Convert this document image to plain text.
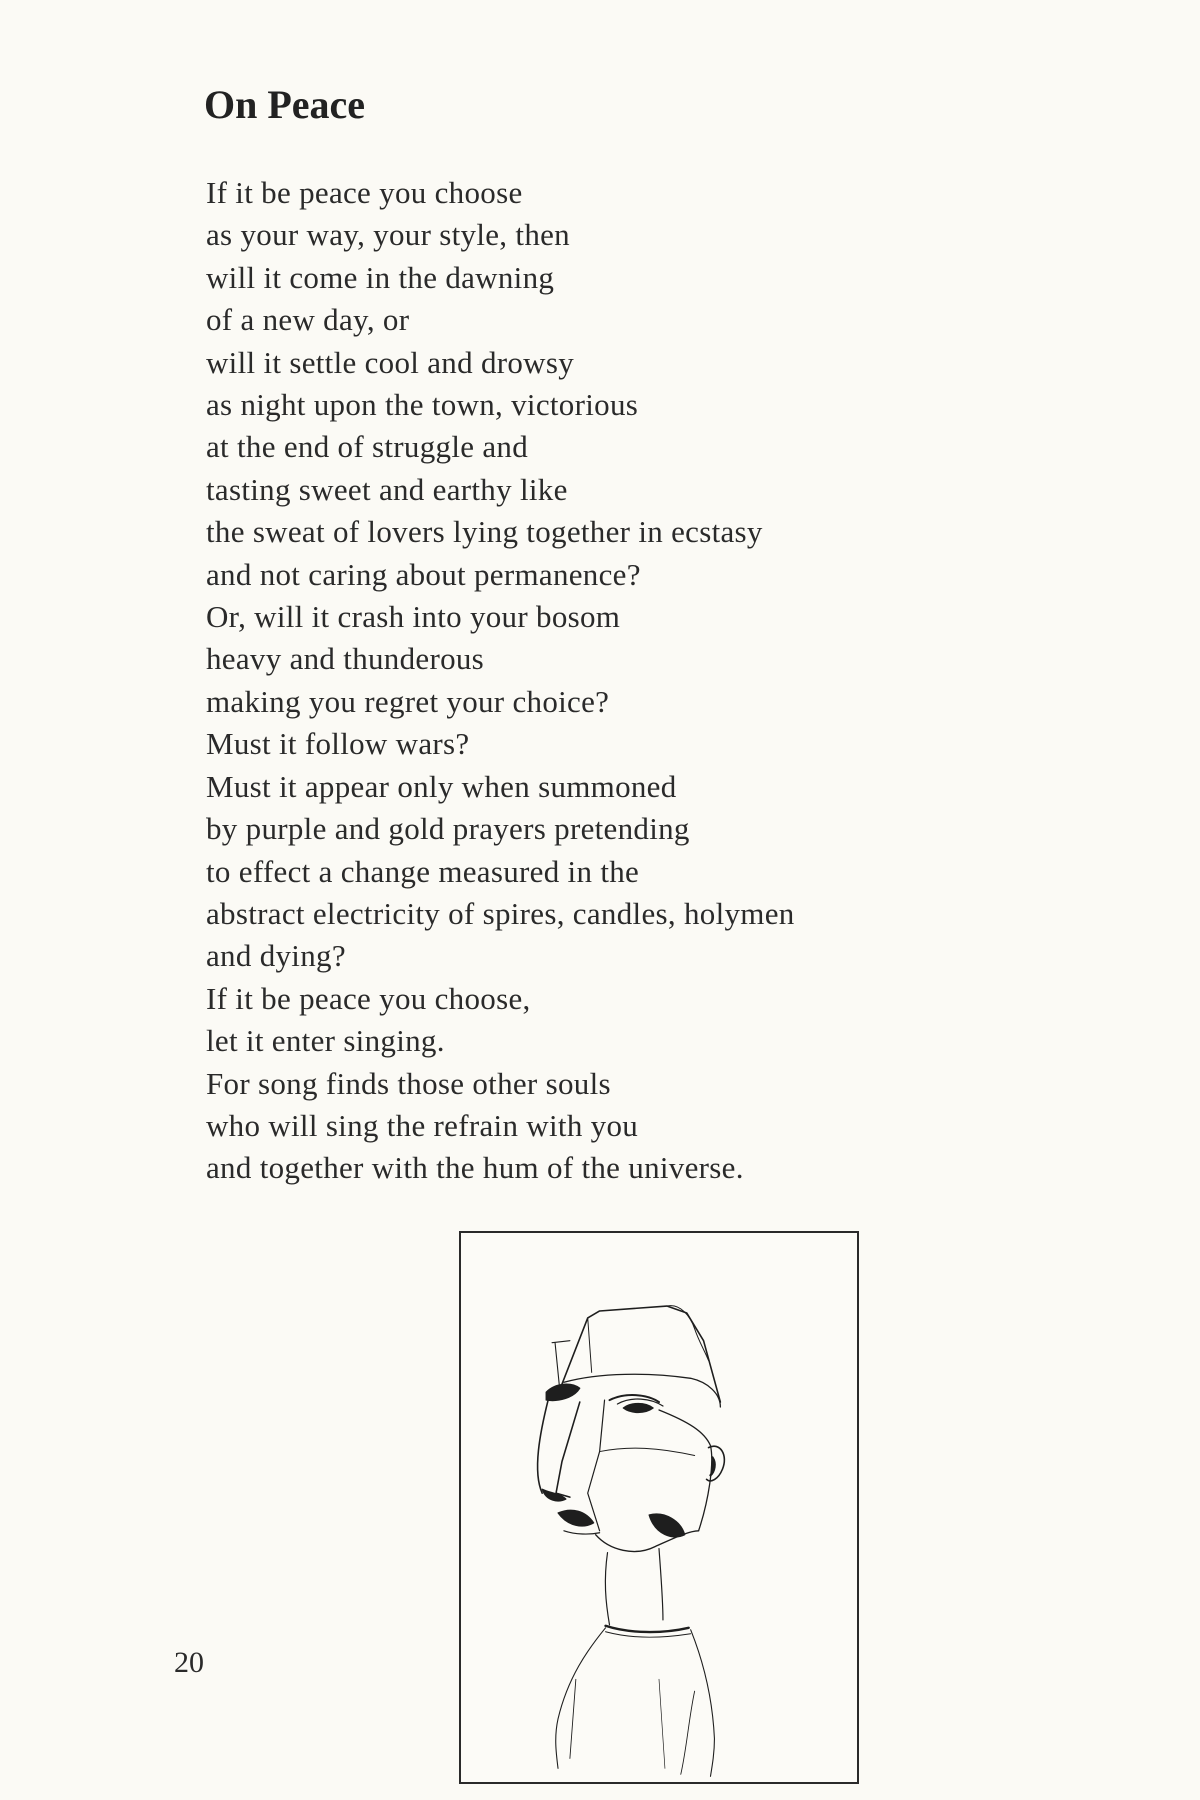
On Peace
If it be peace you choose
as your way, your style, then
will it come in the dawning
of a new day, or
will it settle cool and drowsy
as night upon the town, victorious
at the end of struggle and
tasting sweet and earthy like
the sweat of lovers lying together in ecstasy
and not caring about permanence?
Or, will it crash into your bosom
heavy and thunderous
making you regret your choice?
Must it follow wars?
Must it appear only when summoned
by purple and gold prayers pretending
to effect a change measured in the
abstract electricity of spires, candles, holymen
and dying?
If it be peace you choose,
let it enter singing.
For song finds those other souls
who will sing the refrain with you
and together with the hum of the universe.
20
